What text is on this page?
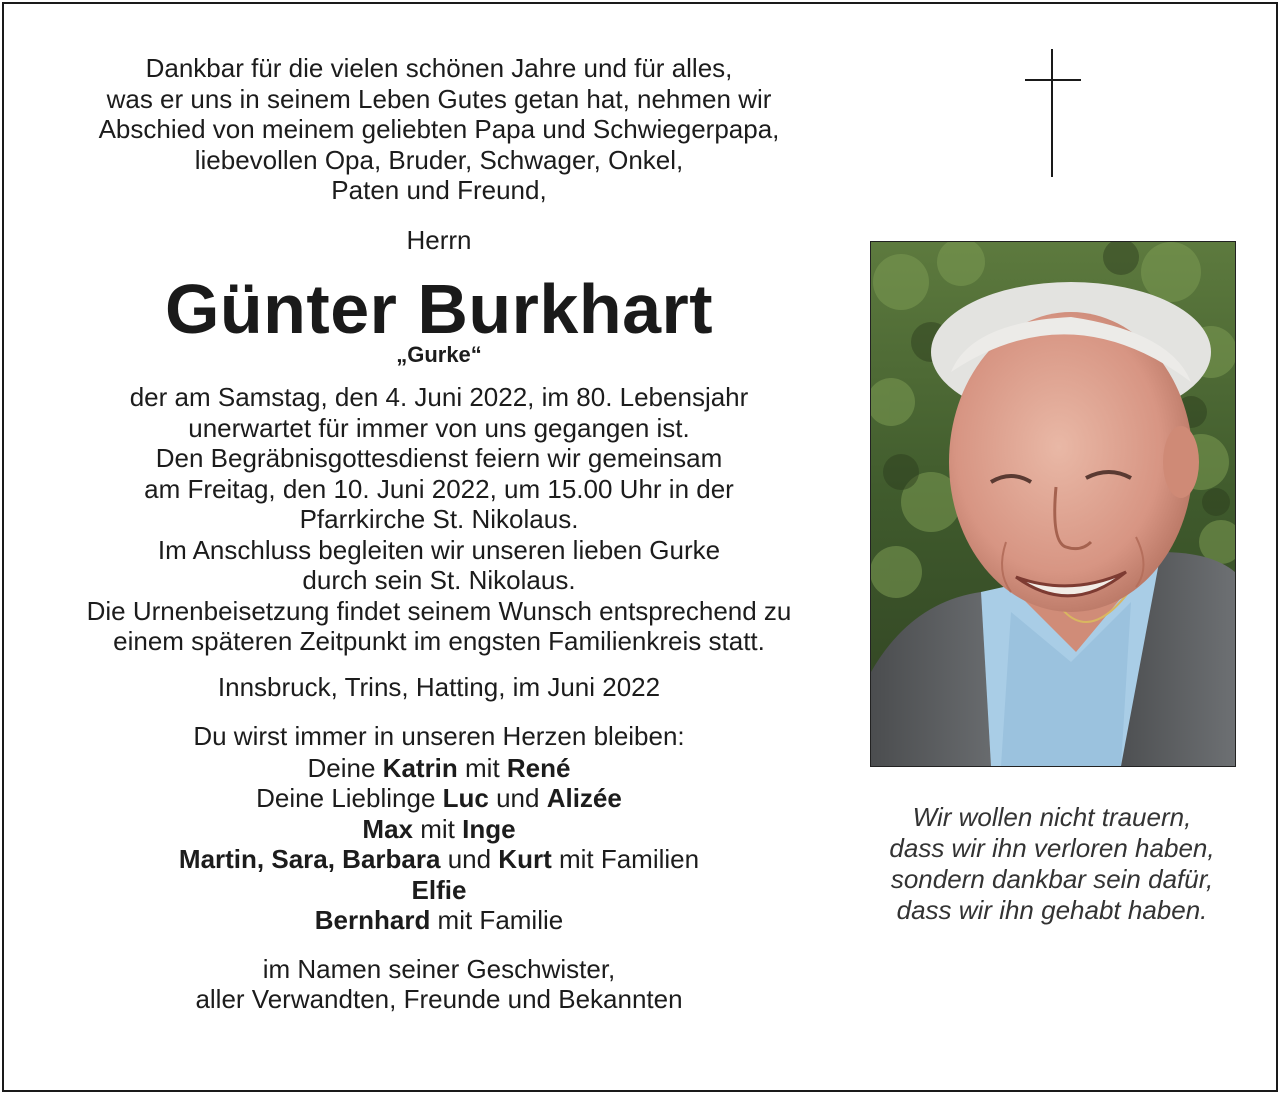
Dankbar für die vielen schönen Jahre und für alles,
was er uns in seinem Leben Gutes getan hat, nehmen wir
Abschied von meinem geliebten Papa und Schwiegerpapa,
liebevollen Opa, Bruder, Schwager, Onkel,
Paten und Freund,
Herrn
Günter Burkhart
„Gurke“
der am Samstag, den 4. Juni 2022, im 80. Lebensjahr
unerwartet für immer von uns gegangen ist.
Den Begräbnisgottesdienst feiern wir gemeinsam
am Freitag, den 10. Juni 2022, um 15.00 Uhr in der
Pfarrkirche St. Nikolaus.
Im Anschluss begleiten wir unseren lieben Gurke
durch sein St. Nikolaus.
Die Urnenbeisetzung findet seinem Wunsch entsprechend zu
einem späteren Zeitpunkt im engsten Familienkreis statt.
Innsbruck, Trins, Hatting, im Juni 2022
Du wirst immer in unseren Herzen bleiben:
Deine Katrin mit René
Deine Lieblinge Luc und Alizée
Max mit Inge
Martin, Sara, Barbara und Kurt mit Familien
Elfie
Bernhard mit Familie
im Namen seiner Geschwister,
aller Verwandten, Freunde und Bekannten
Wir wollen nicht trauern,
dass wir ihn verloren haben,
sondern dankbar sein dafür,
dass wir ihn gehabt haben.
